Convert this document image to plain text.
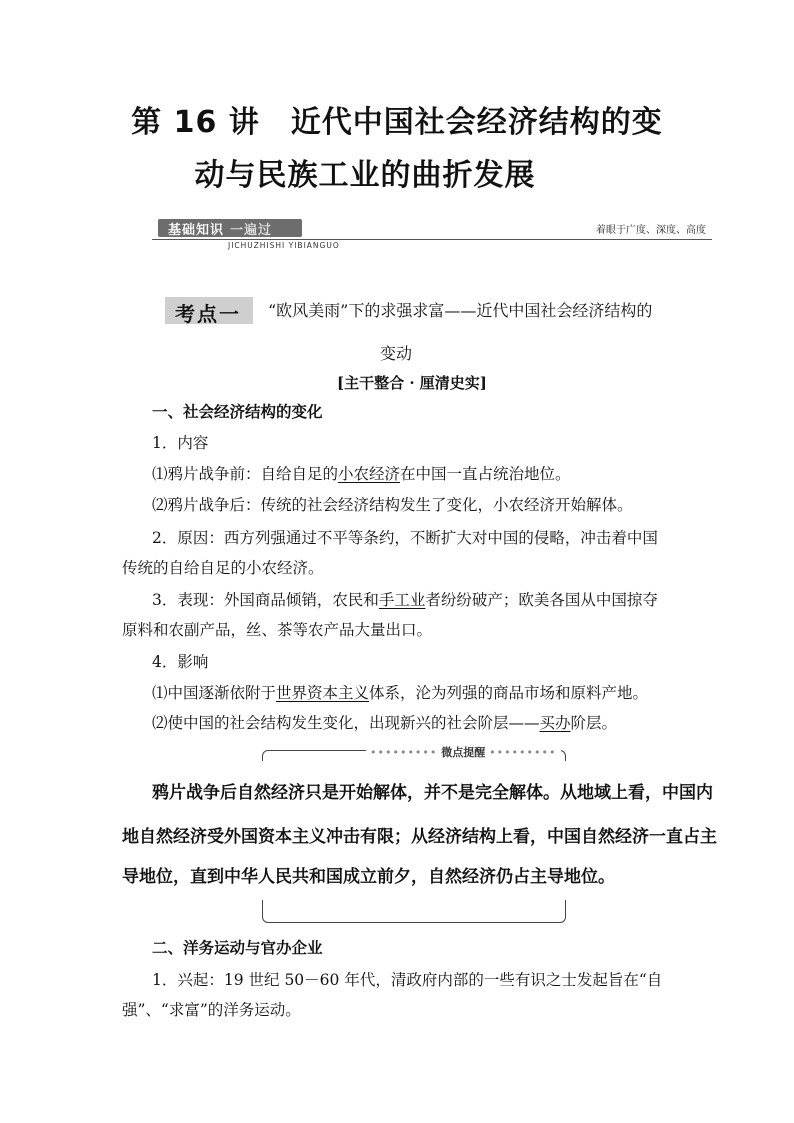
第 16 讲　近代中国社会经济结构的变
动与民族工业的曲折发展
基础知识 一遍过
JICHUZHISHI YIBIANGUO
着眼于广度、深度、高度
考点一 “欧风美雨”下的求强求富——近代中国社会经济结构的
变动
[主干整合 · 厘清史实]
一、社会经济结构的变化
1．内容
⑴鸦片战争前：自给自足的小农经济在中国一直占统治地位。
⑵鸦片战争后：传统的社会经济结构发生了变化，小农经济开始解体。
2．原因：西方列强通过不平等条约，不断扩大对中国的侵略，冲击着中国
传统的自给自足的小农经济。
3．表现：外国商品倾销，农民和手工业者纷纷破产；欧美各国从中国掠夺
原料和农副产品，丝、茶等农产品大量出口。
4．影响
⑴中国逐渐依附于世界资本主义体系，沦为列强的商品市场和原料产地。
⑵使中国的社会结构发生变化，出现新兴的社会阶层——买办阶层。
••••••••• 微点提醒 •••••••••
鸦片战争后自然经济只是开始解体，并不是完全解体。从地域上看，中国内
地自然经济受外国资本主义冲击有限；从经济结构上看，中国自然经济一直占主
导地位，直到中华人民共和国成立前夕，自然经济仍占主导地位。
二、洋务运动与官办企业
1．兴起：19 世纪 50－60 年代，清政府内部的一些有识之士发起旨在“自
强”、“求富”的洋务运动。
